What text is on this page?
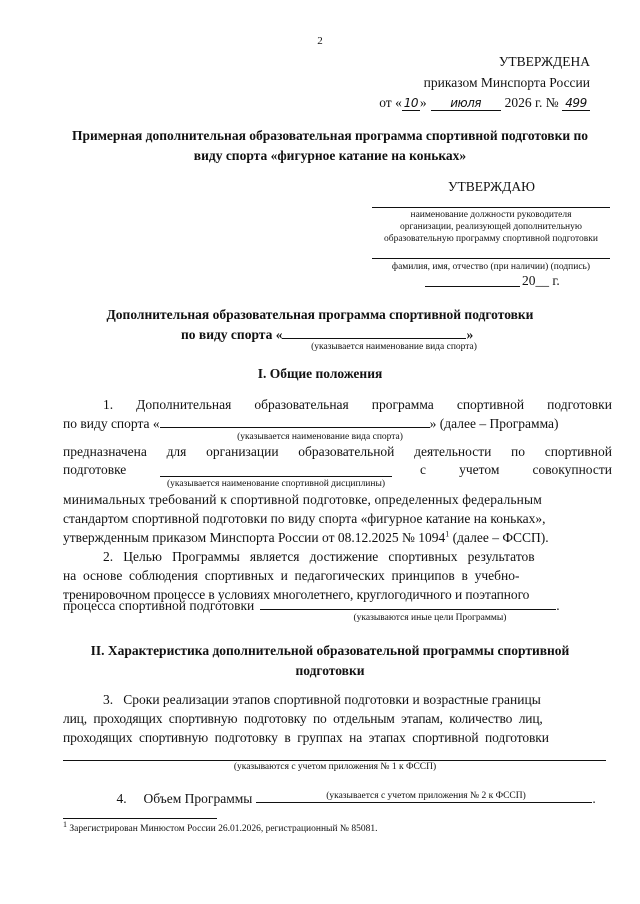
2
УТВЕРЖДЕНА
приказом Минспорта России
от « 10 » июля 2026 г. № 499
Примерная дополнительная образовательная программа спортивной подготовки по виду спорта «фигурное катание на коньках»
УТВЕРЖДАЮ
наименование должности руководителя
организации, реализующей дополнительную
образовательную программу спортивной подготовки
фамилия, имя, отчество (при наличии) (подпись)
20__ г.
Дополнительная образовательная программа спортивной подготовки
по виду спорта «	»
(указывается наименование вида спорта)
I. Общие положения
1. Дополнительная образовательная программа спортивной подготовки
по виду спорта «	» (далее – Программа)
(указывается наименование вида спорта)
предназначена для организации образовательной деятельности по спортивной
подготовке	с учетом совокупности
(указывается наименование спортивной дисциплины)
минимальных требований к спортивной подготовке, определенных федеральным
стандартом спортивной подготовки по виду спорта «фигурное катание на коньках»,
утвержденным приказом Минспорта России от 08.12.2025 № 1094$^1$ (далее – ФССП).
2.   Целью   Программы   является   достижение   спортивных   результатов
на  основе  соблюдения  спортивных  и  педагогических  принципов  в  учебно-
тренировочном процессе в условиях многолетнего, круглогодичного и поэтапного
процесса спортивной подготовки	.
(указываются иные цели Программы)
II. Характеристика дополнительной образовательной программы спортивной подготовки
3.   Сроки реализации этапов спортивной подготовки и возрастные границы
лиц,  проходящих  спортивную  подготовку  по  отдельным  этапам,  количество  лиц,
проходящих  спортивную  подготовку  в  группах  на  этапах  спортивной  подготовки
(указываются с учетом приложения № 1 к ФССП)

4.     Объем Программы	.

(указывается с учетом приложения № 2 к ФССП)
$^1$ Зарегистрирован Минюстом России 26.01.2026, регистрационный № 85081.
